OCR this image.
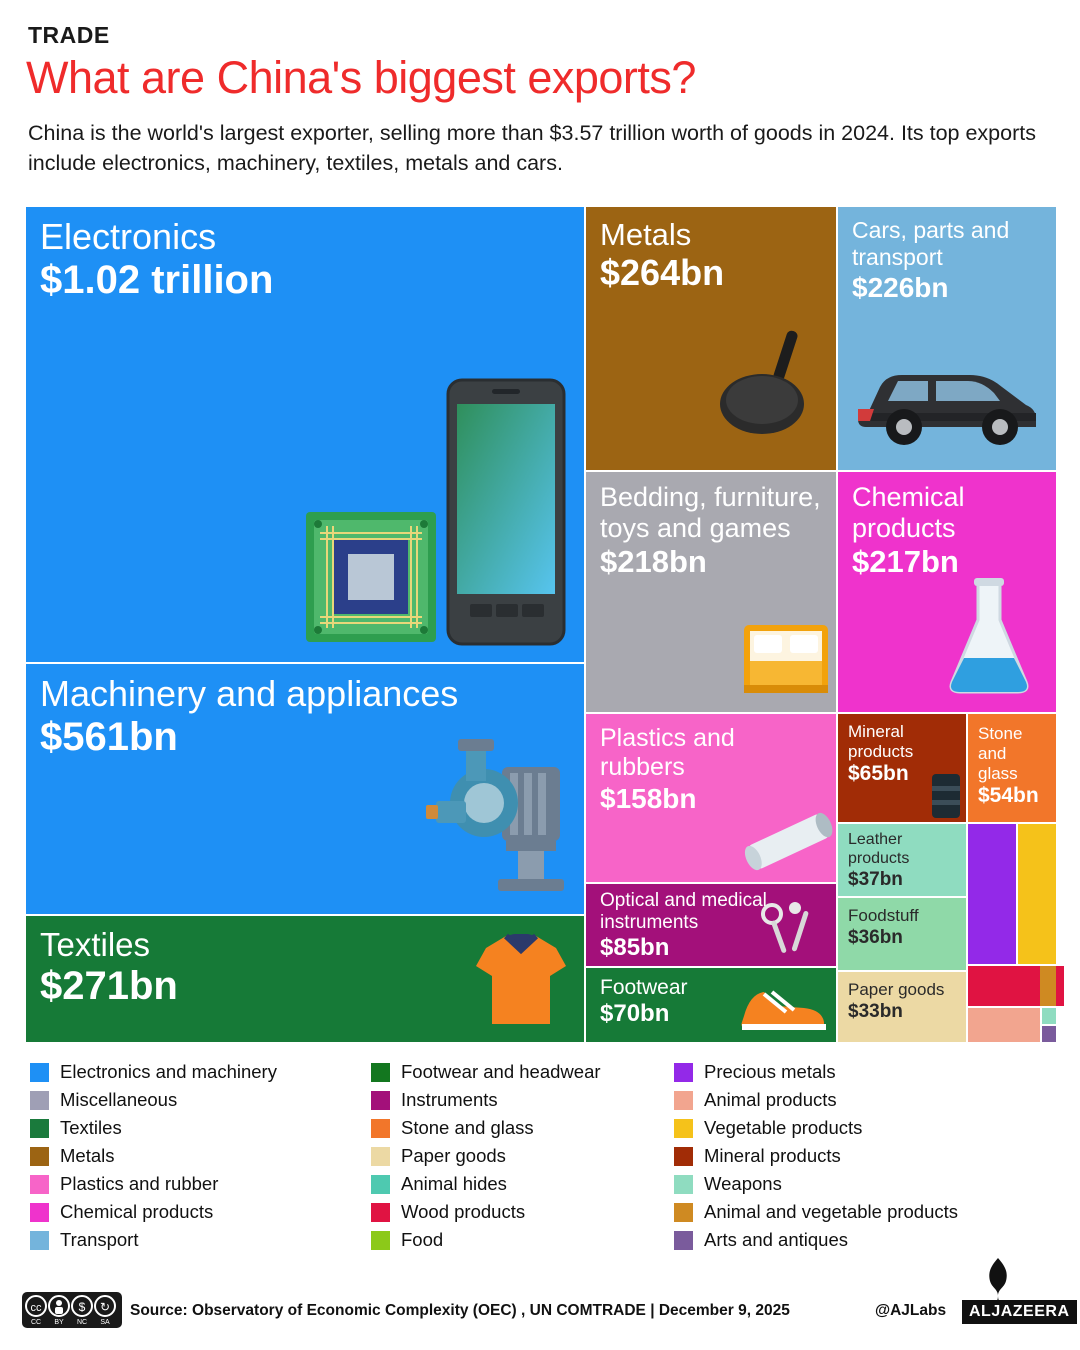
TRADE
What are China's biggest exports?
China is the world's largest exporter, selling more than $3.57 trillion worth of goods in 2024. Its top exports include electronics, machinery, textiles, metals and cars.
Electronics
$1.02 trillion
Machinery and appliances
$561bn
Textiles
$271bn
Metals
$264bn
Cars, parts and transport
$226bn
Bedding, furniture, toys and games
$218bn
Chemical products
$217bn
Plastics and rubbers
$158bn
Optical and medical instruments
$85bn
Footwear
$70bn
Mineral products
$65bn
Stone and glass
$54bn
Leather products
$37bn
Foodstuff
$36bn
Paper goods
$33bn
Electronics and machinery
Miscellaneous
Textiles
Metals
Plastics and rubber
Chemical products
Transport
Footwear and headwear
Instruments
Stone and glass
Paper goods
Animal hides
Wood products
Food
Precious metals
Animal products
Vegetable products
Mineral products
Weapons
Animal and vegetable products
Arts and antiques
cc	$ ↻
CC BY NC SA
Source: Observatory of Economic Complexity (OEC) , UN COMTRADE | December 9, 2025	@AJLabs	ALJAZEERA
